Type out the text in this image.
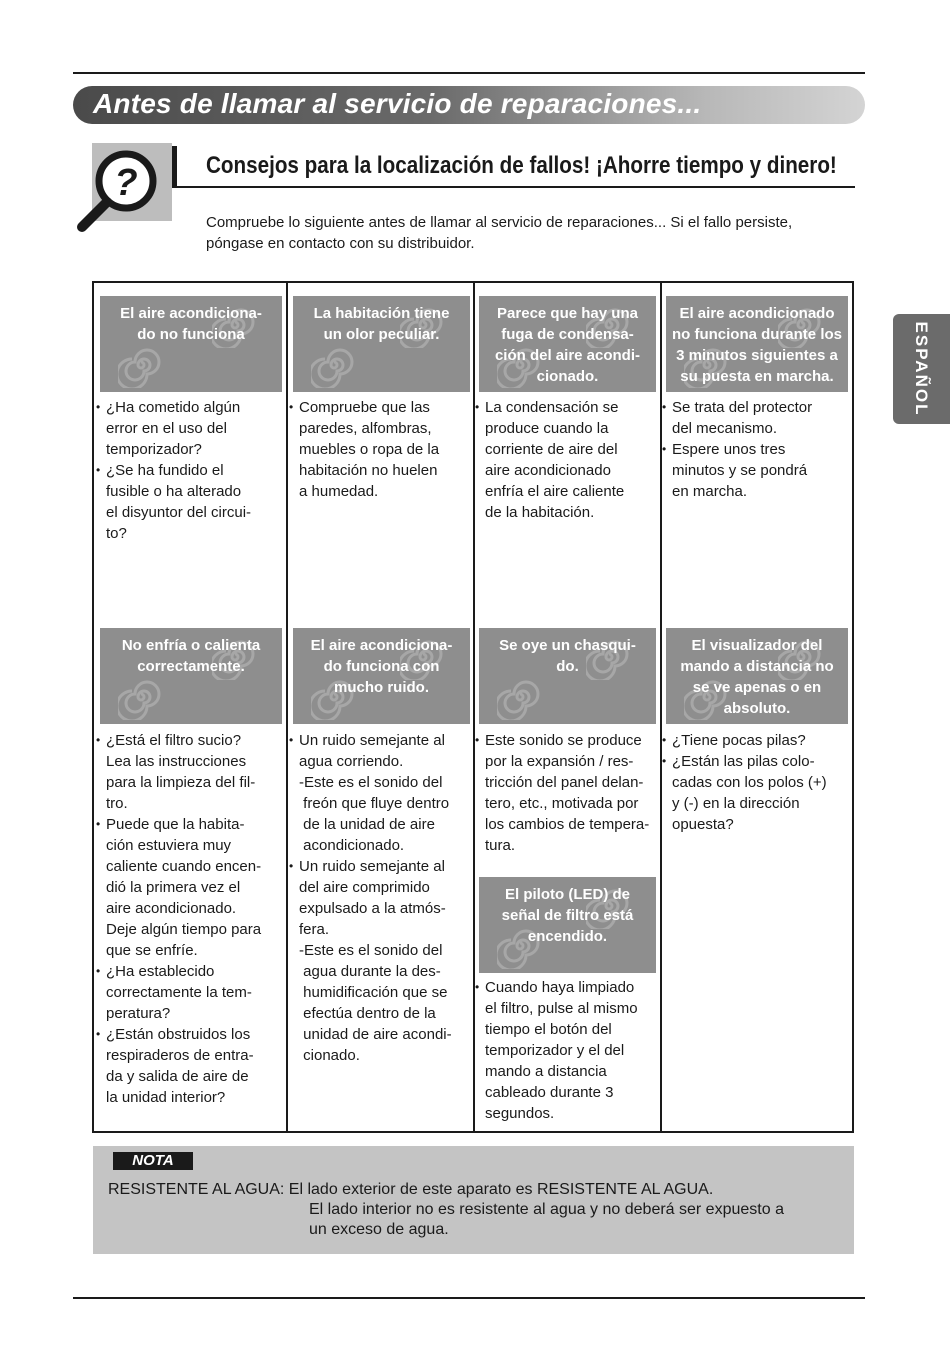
Antes de llamar al servicio de reparaciones...
?	Consejos para la localización de fallos! ¡Ahorre tiempo y dinero!
Compruebe lo siguiente antes de llamar al servicio de reparaciones... Si el fallo persiste,
póngase en contacto con su distribuidor.
ESPAÑOL
El aire acondiciona-
do no funciona
• ¿Ha cometido algún
error en el uso del
temporizador?
• ¿Se ha fundido el
fusible o ha alterado
el disyuntor del circui-
to?
La habitación tiene
un olor peculiar.
• Compruebe que las
paredes, alfombras,
muebles o ropa de la
habitación no huelen
a humedad.
Parece que hay una
fuga de condensa-
ción del aire acondi-
cionado.
• La condensación se
produce cuando la
corriente de aire del
aire acondicionado
enfría el aire caliente
de la habitación.
El aire acondicionado
no funciona durante los
3 minutos siguientes a
su puesta en marcha.
• Se trata del protector
del mecanismo.
• Espere unos tres
minutos y se pondrá
en marcha.
No enfría o calienta
correctamente.
• ¿Está el filtro sucio?
Lea las instrucciones
para la limpieza del fil-
tro.
• Puede que la habita-
ción estuviera muy
caliente cuando encen-
dió la primera vez el
aire acondicionado.
Deje algún tiempo para
que se enfríe.
• ¿Ha establecido
correctamente la tem-
peratura?
• ¿Están obstruidos los
respiraderos de entra-
da y salida de aire de
la unidad interior?
El aire acondiciona-
do funciona con
mucho ruido.
• Un ruido semejante al
agua corriendo.
-Este es el sonido del
freón que fluye dentro
de la unidad de aire
acondicionado.
• Un ruido semejante al
del aire comprimido
expulsado a la atmós-
fera.
-Este es el sonido del
agua durante la des-
humidificación que se
efectúa dentro de la
unidad de aire acondi-
cionado.
Se oye un chasqui-
do.
• Este sonido se produce
por la expansión / res-
tricción del panel delan-
tero, etc., motivada por
los cambios de tempera-
tura.
El visualizador del
mando a distancia no
se ve apenas o en
absoluto.
• ¿Tiene pocas pilas?
• ¿Están las pilas colo-
cadas con los polos (+)
y (-) en la dirección
opuesta?
El piloto (LED) de
señal de filtro está
encendido.
• Cuando haya limpiado
el filtro, pulse al mismo
tiempo el botón del
temporizador y el del
mando a distancia
cableado durante 3
segundos.
NOTA
RESISTENTE AL AGUA: El lado exterior de este aparato es RESISTENTE AL AGUA.
El lado interior no es resistente al agua y no deberá ser expuesto a
un exceso de agua.
